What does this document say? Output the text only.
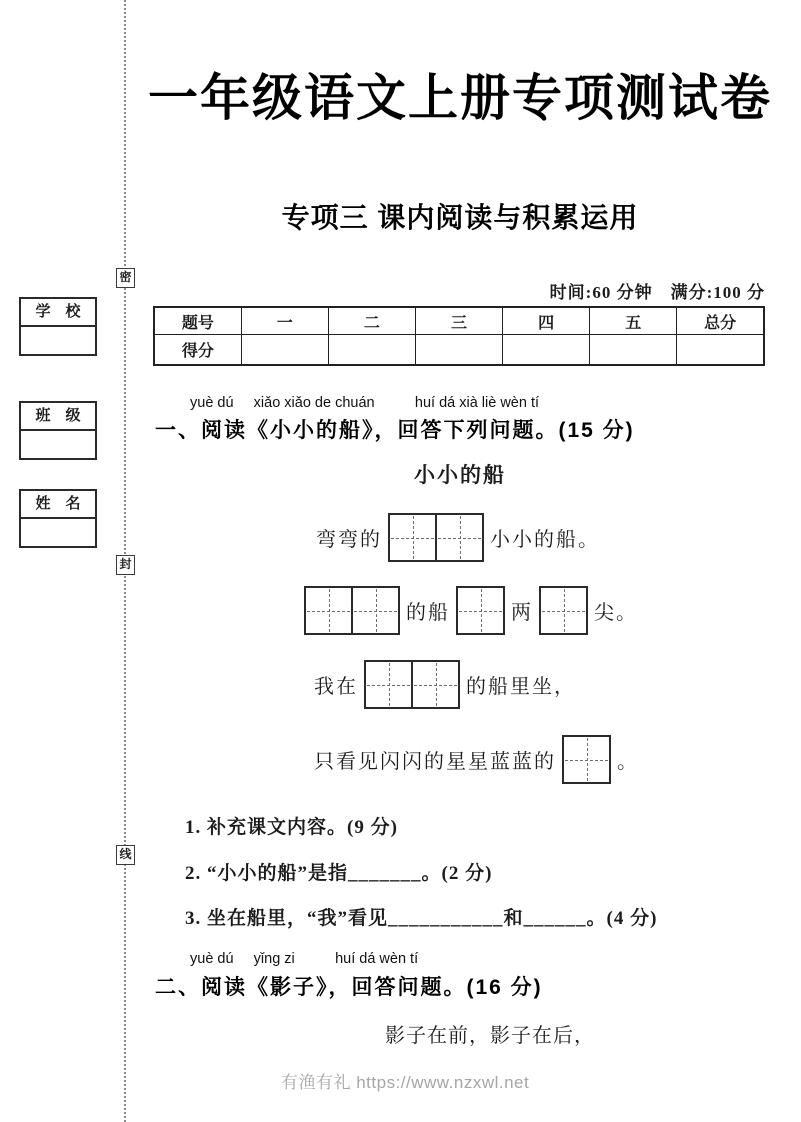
密
封
线
学　校
班　级
姓　名
一年级语文上册专项测试卷
专项三 课内阅读与积累运用
时间:60 分钟　满分:100 分
题号	一	二	三	四	五	总分
得分						
yuè dú     xiǎo xiǎo de chuán          huí dá xià liè wèn tí
一、阅读《小小的船》，回答下列问题。(15 分)
小小的船
弯弯的	小小的船。
的船	两	尖。
我在	的船里坐，
只看见闪闪的星星蓝蓝的	。
1. 补充课文内容。(9 分)
2. “小小的船”是指_______。(2 分)
3. 坐在船里，“我”看见___________和______。(4 分)
yuè dú     yǐng zi          huí dá wèn tí
二、阅读《影子》，回答问题。(16 分)
影子在前，影子在后，
有渔有礼 https://www.nzxwl.net
